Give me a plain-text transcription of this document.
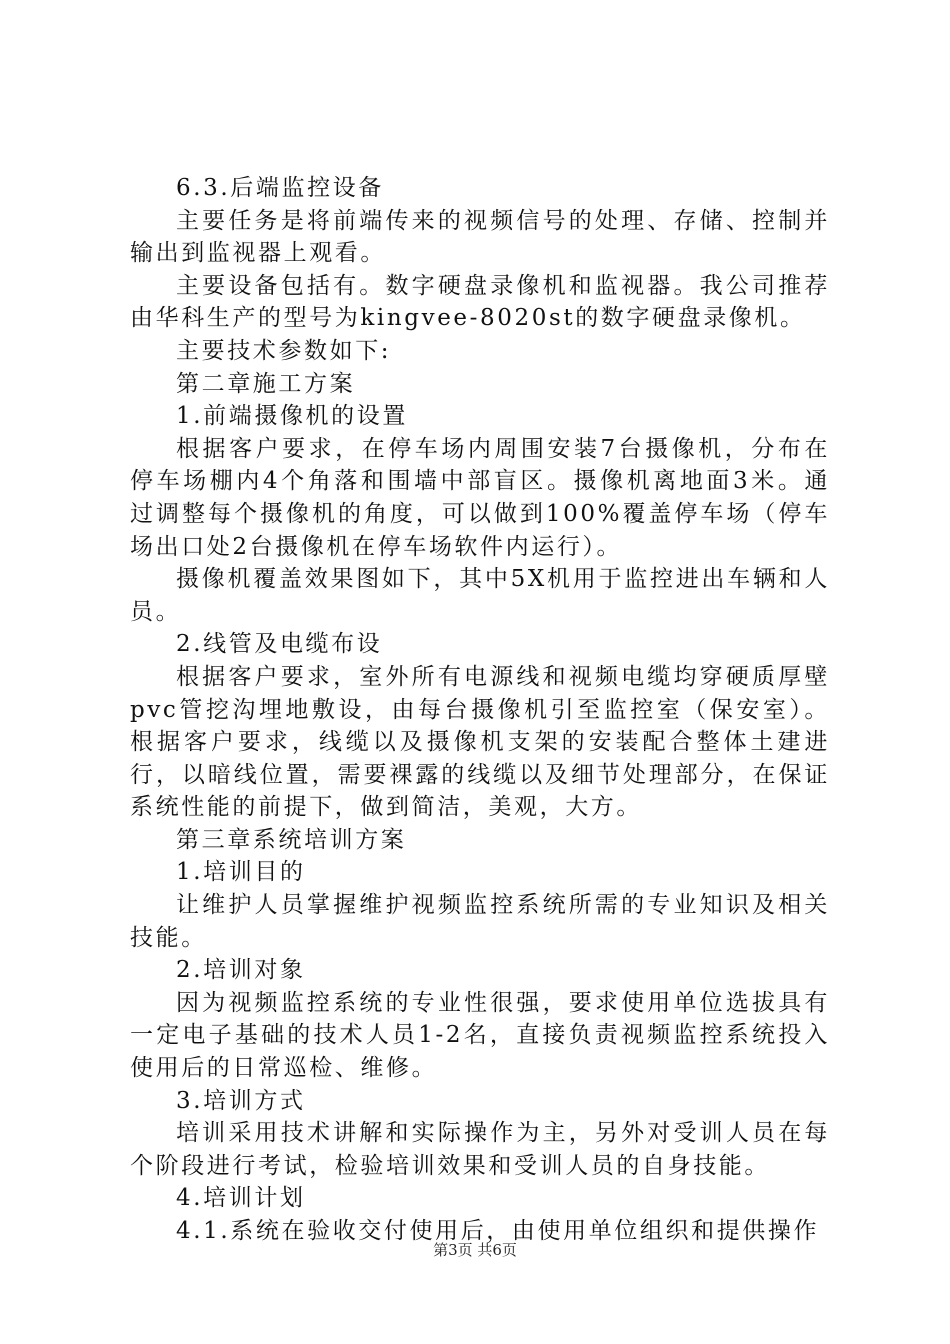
6.3.后端监控设备

主要任务是将前端传来的视频信号的处理、存储、控制并输出到监视器上观看。

主要设备包括有。数字硬盘录像机和监视器。我公司推荐由华科生产的型号为kingvee-8020st的数字硬盘录像机。

主要技术参数如下:

第二章施工方案

1.前端摄像机的设置

根据客户要求，在停车场内周围安装7台摄像机，分布在停车场棚内4个角落和围墙中部盲区。摄像机离地面3米。通过调整每个摄像机的角度，可以做到100%覆盖停车场（停车场出口处2台摄像机在停车场软件内运行）。

摄像机覆盖效果图如下，其中5X机用于监控进出车辆和人员。

2.线管及电缆布设

根据客户要求，室外所有电源线和视频电缆均穿硬质厚壁pvc管挖沟埋地敷设，由每台摄像机引至监控室（保安室）。根据客户要求，线缆以及摄像机支架的安装配合整体土建进行，以暗线位置，需要裸露的线缆以及细节处理部分，在保证系统性能的前提下，做到简洁，美观，大方。

第三章系统培训方案

1.培训目的

让维护人员掌握维护视频监控系统所需的专业知识及相关技能。

2.培训对象

因为视频监控系统的专业性很强，要求使用单位选拔具有一定电子基础的技术人员1-2名，直接负责视频监控系统投入使用后的日常巡检、维修。

3.培训方式

培训采用技术讲解和实际操作为主，另外对受训人员在每个阶段进行考试，检验培训效果和受训人员的自身技能。

4.培训计划

4.1.系统在验收交付使用后，由使用单位组织和提供操作

第3页 共6页
